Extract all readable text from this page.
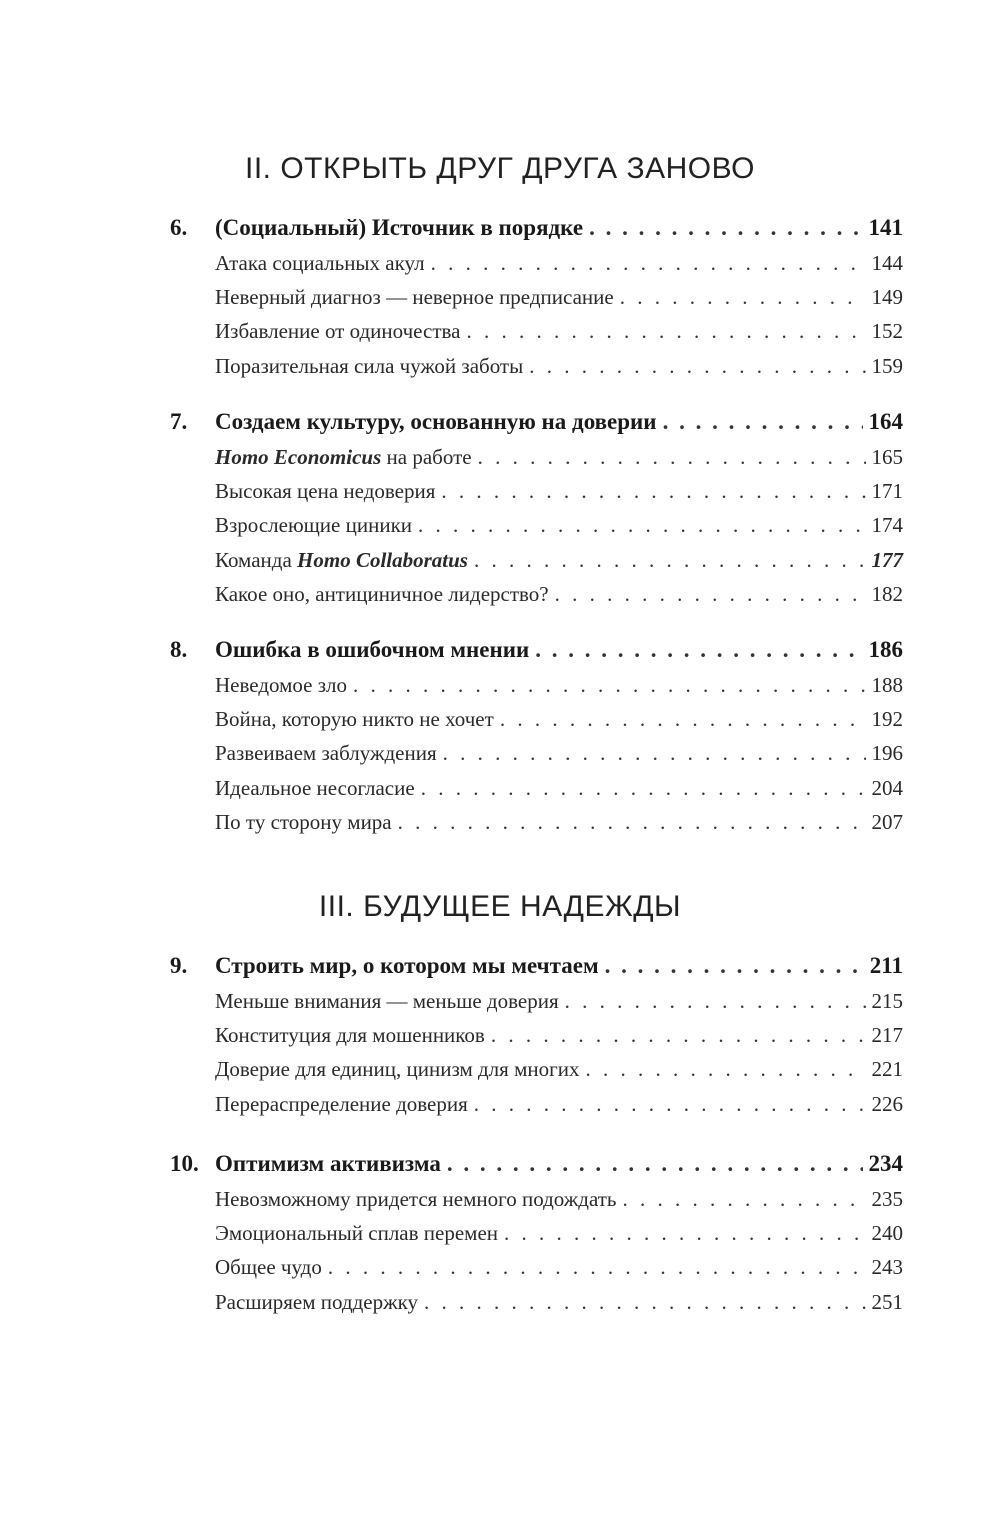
II. ОТКРЫТЬ ДРУГ ДРУГА ЗАНОВО
6.	(Социальный) Источник в порядке . . .	141
Атака социальных акул . . .	144
Неверный диагноз — неверное предписание . . .	149
Избавление от одиночества . . .	152
Поразительная сила чужой заботы . . .	159
7.	Создаем культуру, основанную на доверии . . .	164
Homo Economicus на работе . . .	165
Высокая цена недоверия . . .	171
Взрослеющие циники . . .	174
Команда Homo Collaboratus . . .	177
Какое оно, антициничное лидерство? . . .	182
8.	Ошибка в ошибочном мнении . . .	186
Неведомое зло . . .	188
Война, которую никто не хочет . . .	192
Развеиваем заблуждения . . .	196
Идеальное несогласие . . .	204
По ту сторону мира . . .	207
III. БУДУЩЕЕ НАДЕЖДЫ
9.	Строить мир, о котором мы мечтаем . . .	211
Меньше внимания — меньше доверия . . .	215
Конституция для мошенников . . .	217
Доверие для единиц, цинизм для многих . . .	221
Перераспределение доверия . . .	226
10. Оптимизм активизма . . .	234
Невозможному придется немного подождать . . .	235
Эмоциональный сплав перемен . . .	240
Общее чудо . . .	243
Расширяем поддержку . . .	251
